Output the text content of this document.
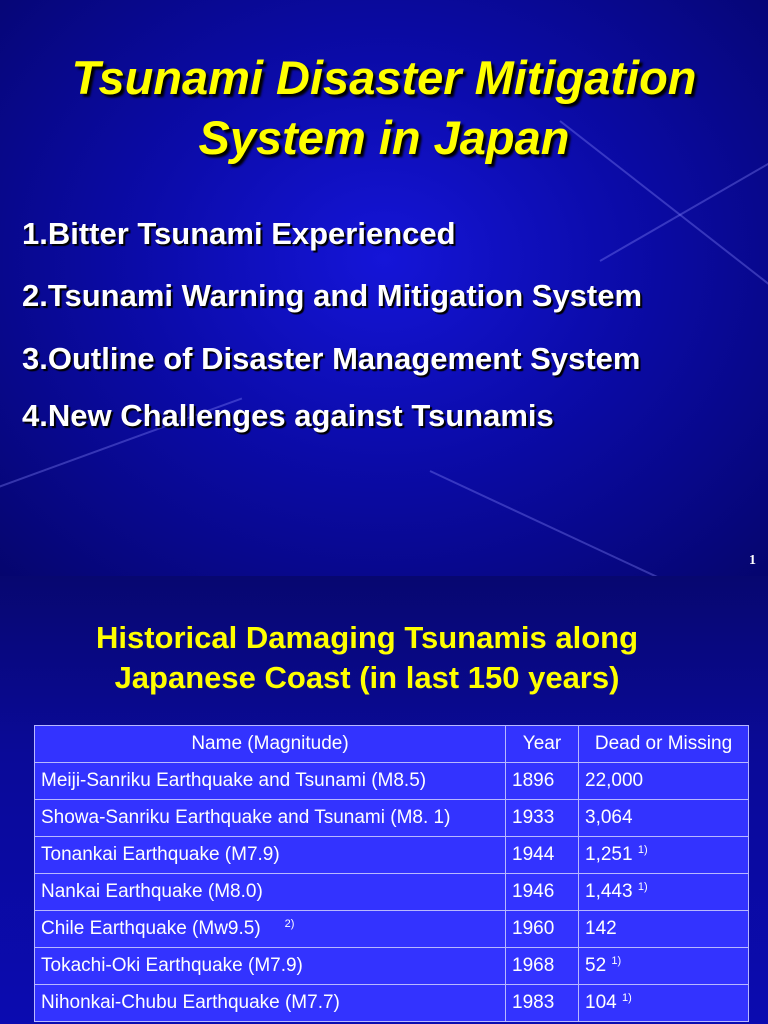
Tsunami Disaster Mitigation
System in Japan
1.Bitter Tsunami Experienced
2.Tsunami Warning and Mitigation System
3.Outline of Disaster Management System
4.New Challenges against Tsunamis
1
Historical Damaging Tsunamis along
Japanese Coast (in last 150 years)
Name (Magnitude)	Year	Dead or Missing
Meiji-Sanriku Earthquake and Tsunami (M8.5)	1896	22,000
Showa-Sanriku Earthquake and Tsunami (M8. 1)	1933	3,064
Tonankai Earthquake (M7.9)	1944	1,251 $^{1)}$
Nankai Earthquake (M8.0)	1946	1,443 $^{1)}$
Chile Earthquake (Mw9.5) $^{2)}$	1960	142
Tokachi-Oki Earthquake (M7.9)	1968	52 $^{1)}$
Nihonkai-Chubu Earthquake (M7.7)	1983	104 $^{1)}$
